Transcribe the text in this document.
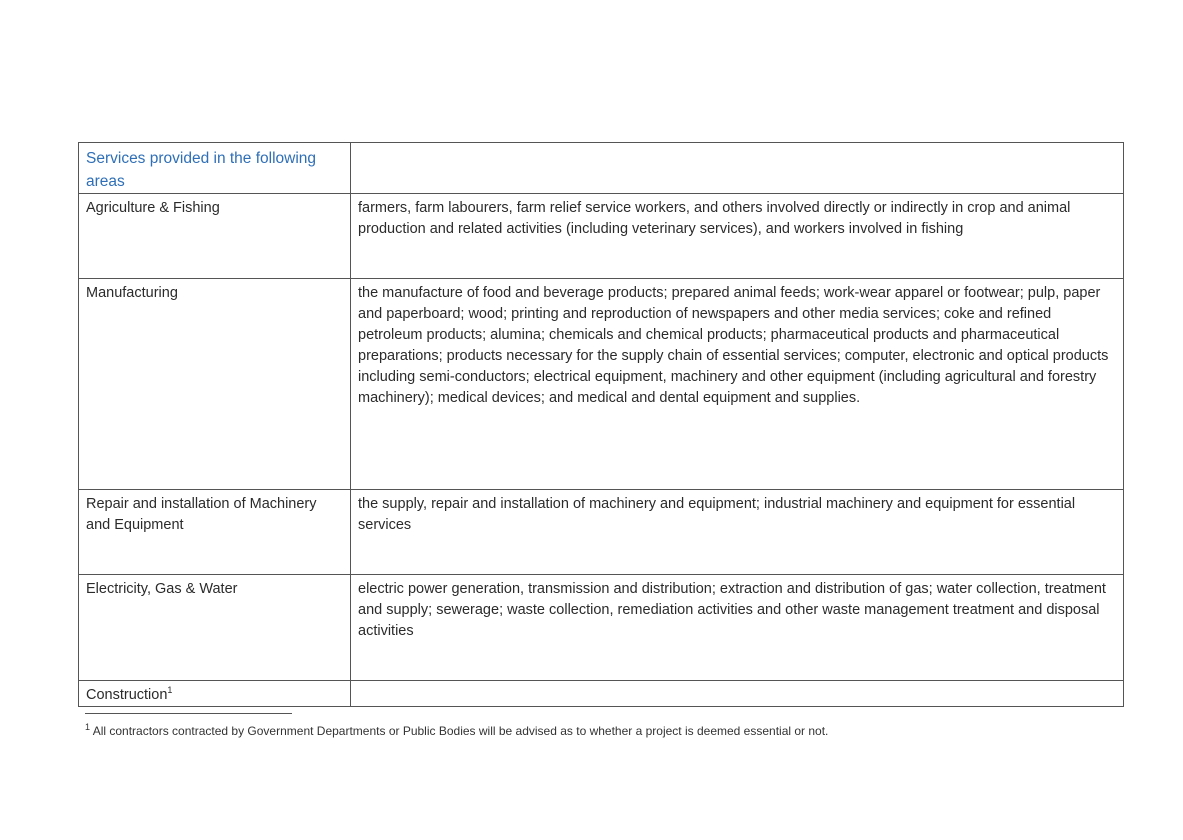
Services provided in the following areas	
Agriculture & Fishing	farmers, farm labourers, farm relief service workers, and others involved directly or indirectly in crop and animal production and related activities (including veterinary services), and workers involved in fishing
Manufacturing	the manufacture of food and beverage products; prepared animal feeds; work-wear apparel or footwear; pulp, paper and paperboard; wood; printing and reproduction of newspapers and other media services; coke and refined petroleum products; alumina; chemicals and chemical products; pharmaceutical products and pharmaceutical preparations; products necessary for the supply chain of essential services; computer, electronic and optical products including semi-conductors; electrical equipment, machinery and other equipment (including agricultural and forestry machinery); medical devices; and medical and dental equipment and supplies.
Repair and installation of Machinery and Equipment	the supply, repair and installation of machinery and equipment; industrial machinery and equipment for essential services
Electricity, Gas & Water	electric power generation, transmission and distribution; extraction and distribution of gas; water collection, treatment and supply; sewerage; waste collection, remediation activities and other waste management treatment and disposal activities
Construction$^1$	
$^1$ All contractors contracted by Government Departments or Public Bodies will be advised as to whether a project is deemed essential or not.
